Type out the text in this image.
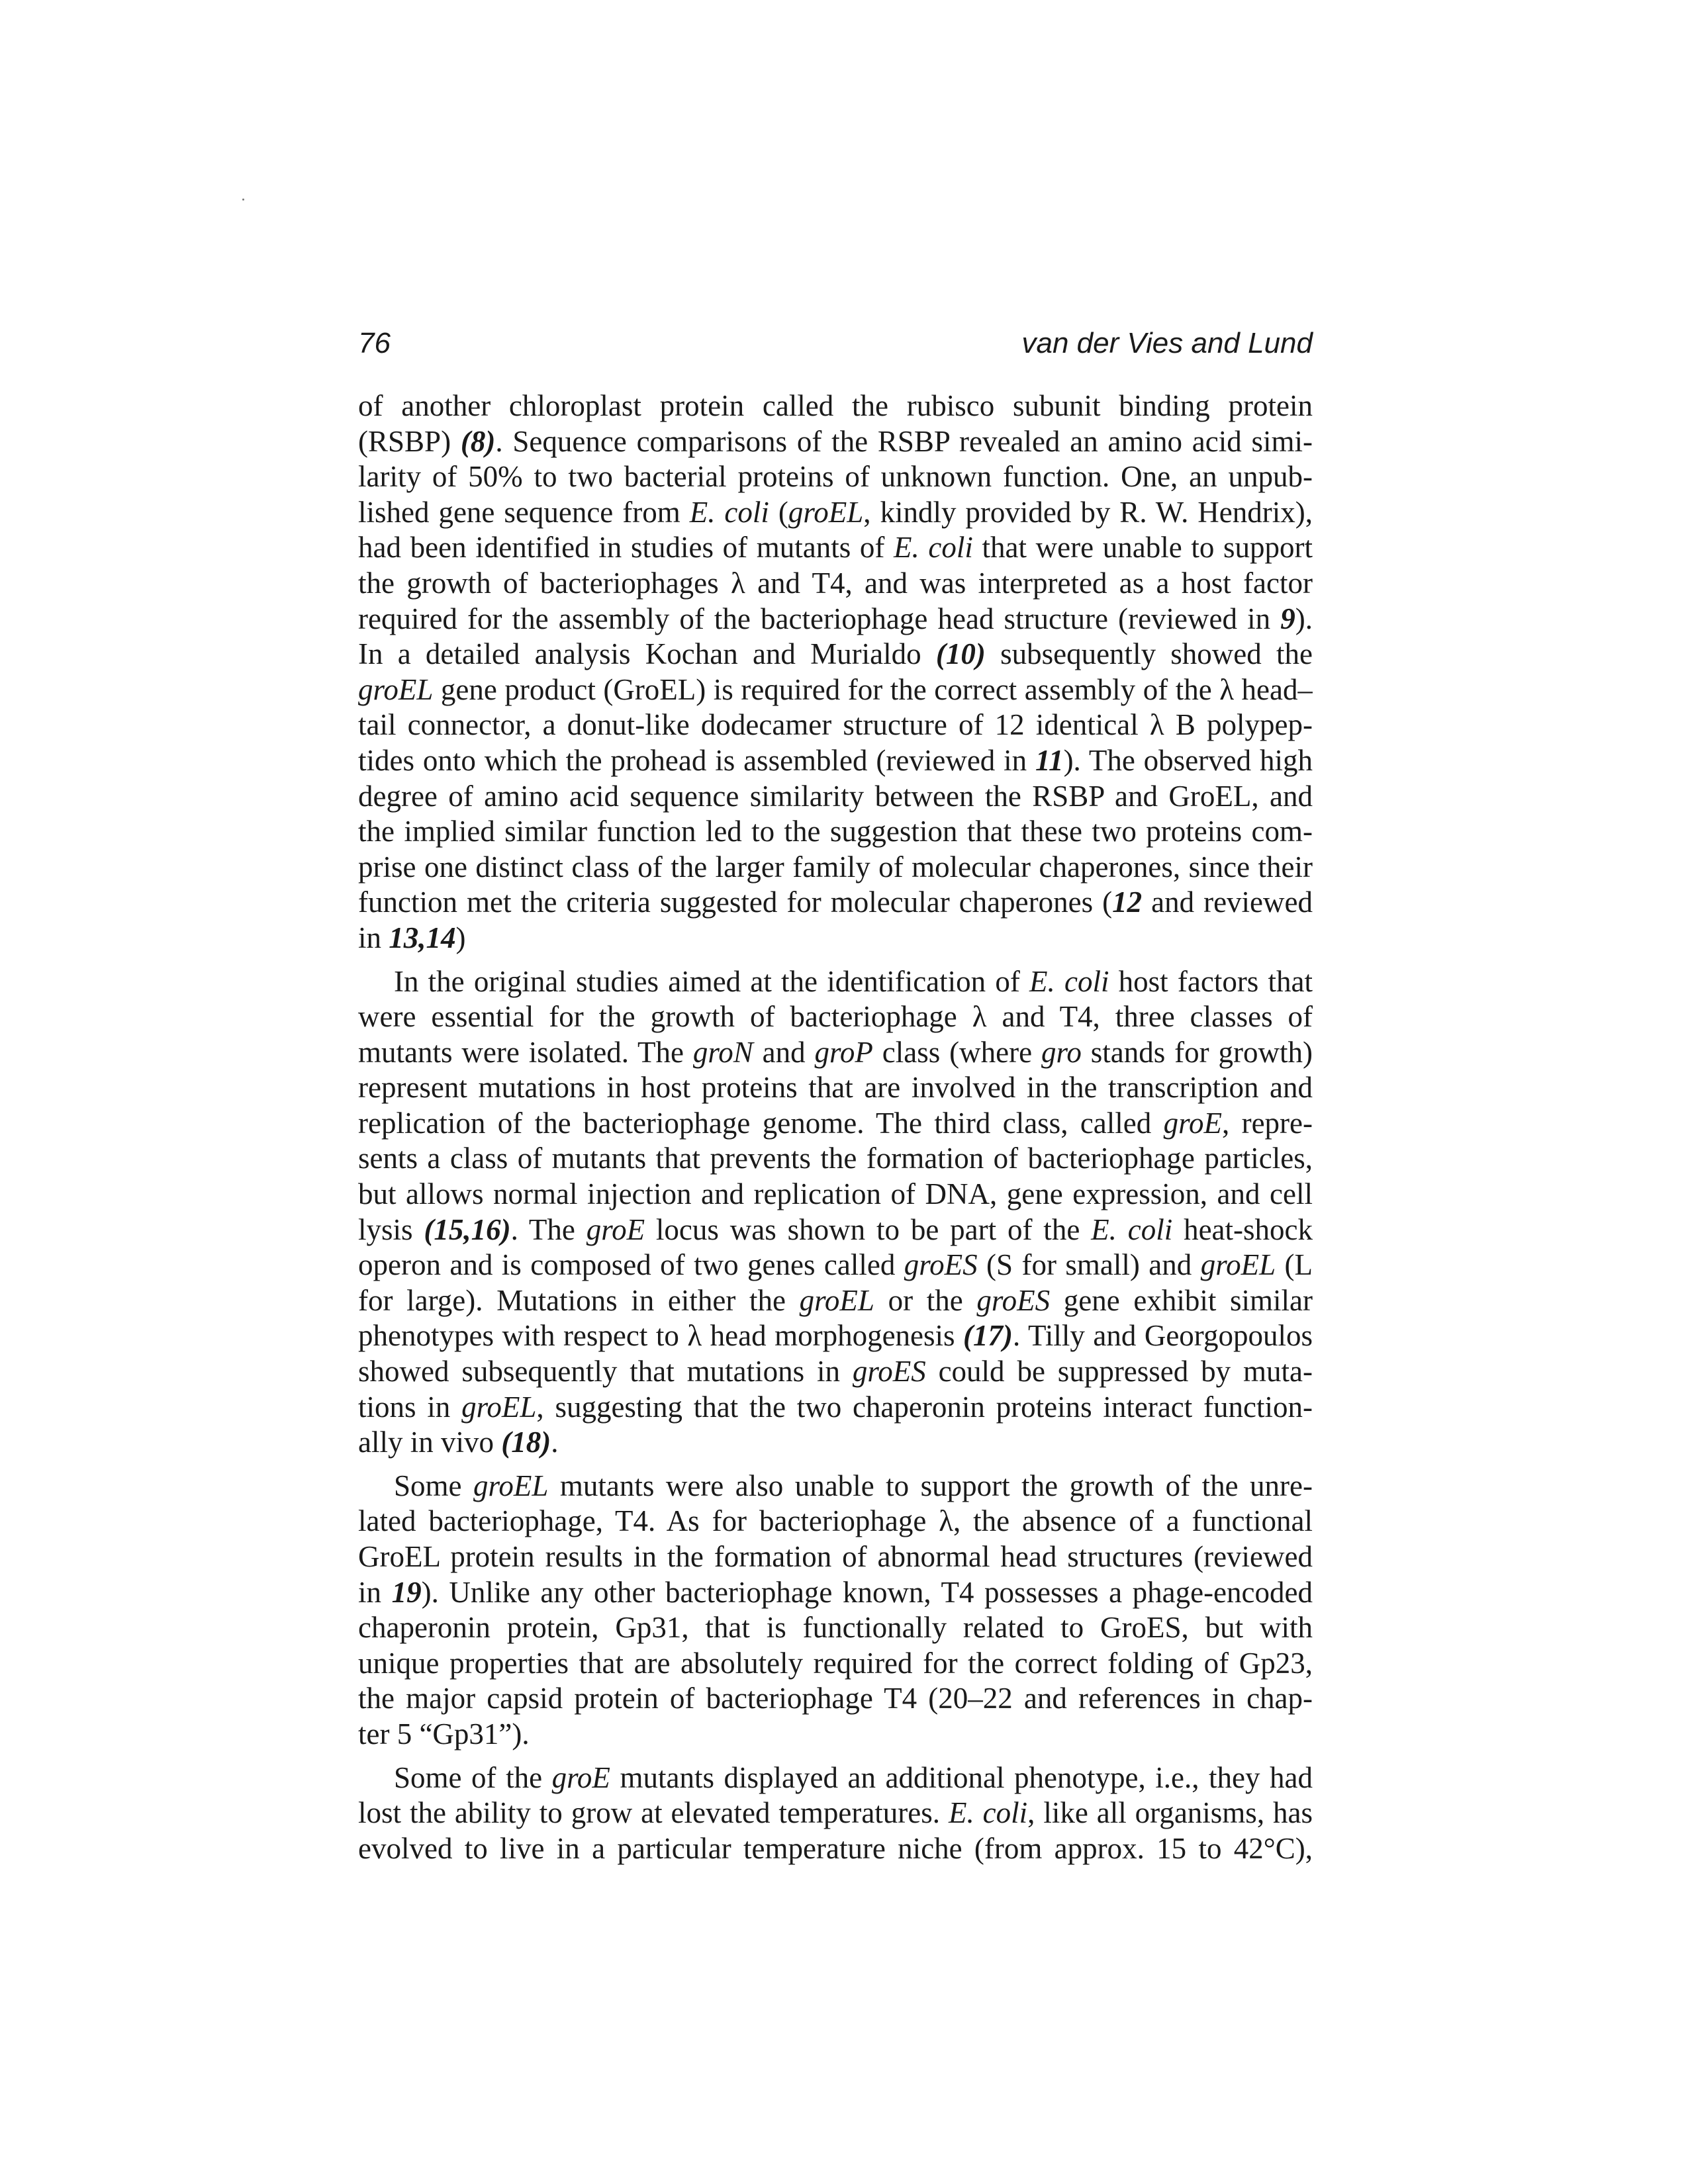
76	van der Vies and Lund
of another chloroplast protein called the rubisco subunit binding protein
(RSBP) (8). Sequence comparisons of the RSBP revealed an amino acid simi-
larity of 50% to two bacterial proteins of unknown function. One, an unpub-
lished gene sequence from E. coli (groEL, kindly provided by R. W. Hendrix),
had been identified in studies of mutants of E. coli that were unable to support
the growth of bacteriophages λ and T4, and was interpreted as a host factor
required for the assembly of the bacteriophage head structure (reviewed in 9).
In a detailed analysis Kochan and Murialdo (10) subsequently showed the
groEL gene product (GroEL) is required for the correct assembly of the λ head–
tail connector, a donut-like dodecamer structure of 12 identical λ B polypep-
tides onto which the prohead is assembled (reviewed in 11). The observed high
degree of amino acid sequence similarity between the RSBP and GroEL, and
the implied similar function led to the suggestion that these two proteins com-
prise one distinct class of the larger family of molecular chaperones, since their
function met the criteria suggested for molecular chaperones (12 and reviewed
in 13,14)
In the original studies aimed at the identification of E. coli host factors that
were essential for the growth of bacteriophage λ and T4, three classes of
mutants were isolated. The groN and groP class (where gro stands for growth)
represent mutations in host proteins that are involved in the transcription and
replication of the bacteriophage genome. The third class, called groE, repre-
sents a class of mutants that prevents the formation of bacteriophage particles,
but allows normal injection and replication of DNA, gene expression, and cell
lysis (15,16). The groE locus was shown to be part of the E. coli heat-shock
operon and is composed of two genes called groES (S for small) and groEL (L
for large). Mutations in either the groEL or the groES gene exhibit similar
phenotypes with respect to λ head morphogenesis (17). Tilly and Georgopoulos
showed subsequently that mutations in groES could be suppressed by muta-
tions in groEL, suggesting that the two chaperonin proteins interact function-
ally in vivo (18).
Some groEL mutants were also unable to support the growth of the unre-
lated bacteriophage, T4. As for bacteriophage λ, the absence of a functional
GroEL protein results in the formation of abnormal head structures (reviewed
in 19). Unlike any other bacteriophage known, T4 possesses a phage-encoded
chaperonin protein, Gp31, that is functionally related to GroES, but with
unique properties that are absolutely required for the correct folding of Gp23,
the major capsid protein of bacteriophage T4 (20–22 and references in chap-
ter 5 “Gp31”).
Some of the groE mutants displayed an additional phenotype, i.e., they had
lost the ability to grow at elevated temperatures. E. coli, like all organisms, has
evolved to live in a particular temperature niche (from approx. 15 to 42°C),
